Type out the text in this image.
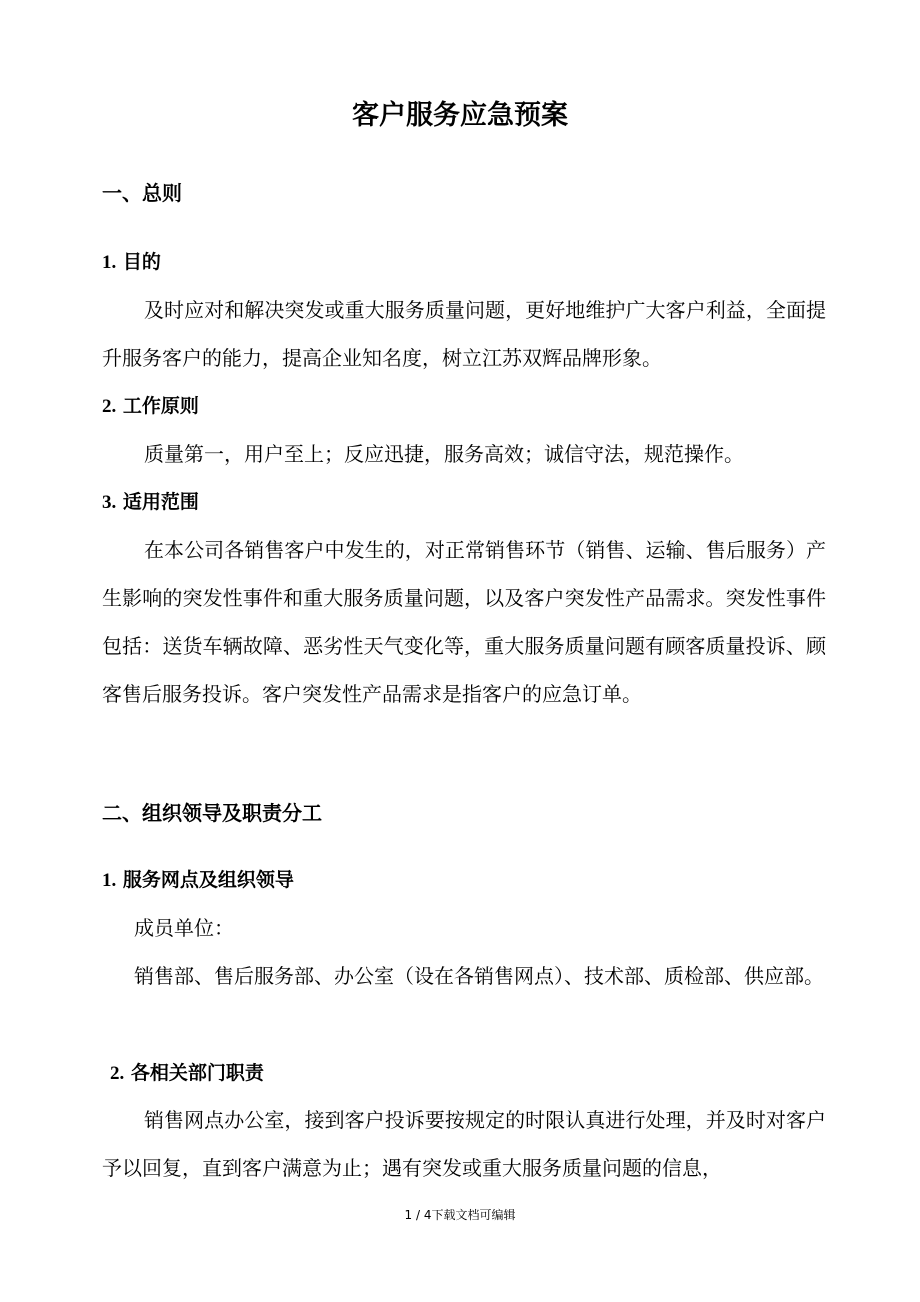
客户服务应急预案
一、总则
1. 目的

及时应对和解决突发或重大服务质量问题，更好地维护广大客户利益，全面提升服务客户的能力，提高企业知名度，树立江苏双辉品牌形象。

2. 工作原则

质量第一，用户至上；反应迅捷，服务高效；诚信守法，规范操作。

3. 适用范围

在本公司各销售客户中发生的，对正常销售环节（销售、运输、售后服务）产生影响的突发性事件和重大服务质量问题，以及客户突发性产品需求。突发性事件包括：送货车辆故障、恶劣性天气变化等，重大服务质量问题有顾客质量投诉、顾客售后服务投诉。客户突发性产品需求是指客户的应急订单。

二、组织领导及职责分工
1. 服务网点及组织领导

成员单位：

销售部、售后服务部、办公室（设在各销售网点）、技术部、质检部、供应部。

2. 各相关部门职责

销售网点办公室，接到客户投诉要按规定的时限认真进行处理，并及时对客户予以回复，直到客户满意为止；遇有突发或重大服务质量问题的信息，

1 / 4下载文档可编辑
